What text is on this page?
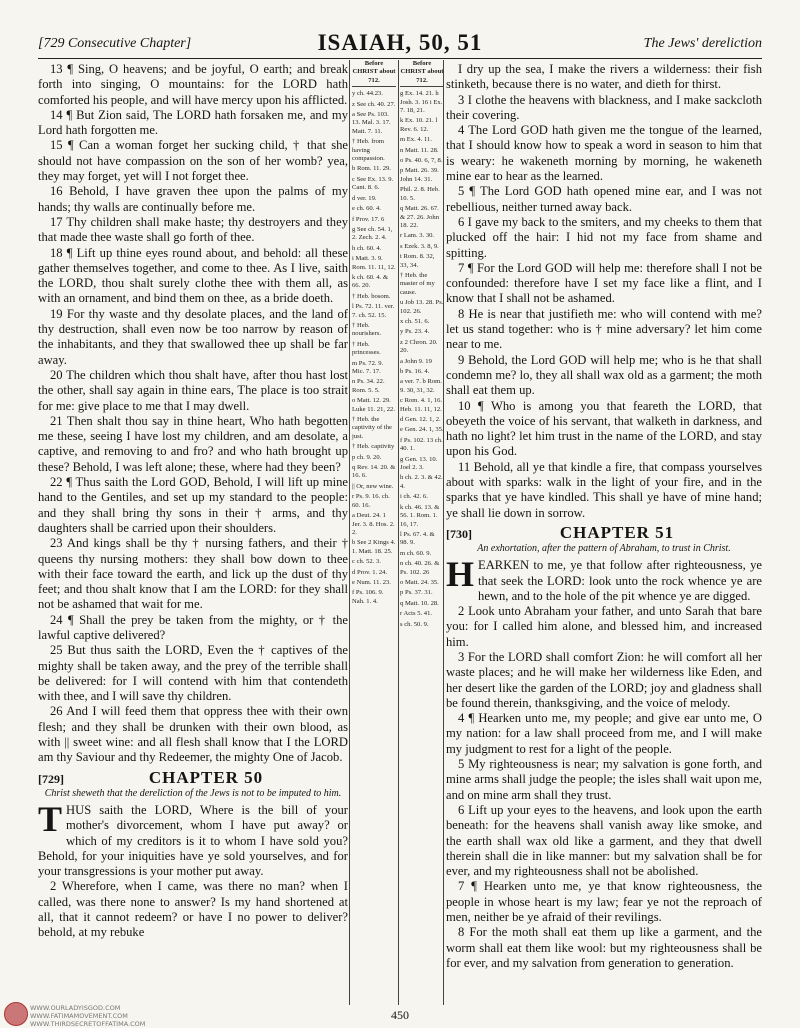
[729 Consecutive Chapter]	ISAIAH, 50, 51	The Jews' dereliction

13 ¶ Sing, O heavens; and be joyful, O earth; and break forth into singing, O mountains: for the LORD hath comforted his people, and will have mercy upon his afflicted.

14 ¶ But Zion said, The LORD hath forsaken me, and my Lord hath forgotten me.

15 ¶ Can a woman forget her sucking child, † that she should not have compassion on the son of her womb? yea, they may forget, yet will I not forget thee.

16 Behold, I have graven thee upon the palms of my hands; thy walls are continually before me.

17 Thy children shall make haste; thy destroyers and they that made thee waste shall go forth of thee.

18 ¶ Lift up thine eyes round about, and behold: all these gather themselves together, and come to thee. As I live, saith the LORD, thou shalt surely clothe thee with them all, as with an ornament, and bind them on thee, as a bride doeth.

19 For thy waste and thy desolate places, and the land of thy destruction, shall even now be too narrow by reason of the inhabitants, and they that swallowed thee up shall be far away.

20 The children which thou shalt have, after thou hast lost the other, shall say again in thine ears, The place is too strait for me: give place to me that I may dwell.

21 Then shalt thou say in thine heart, Who hath begotten me these, seeing I have lost my children, and am desolate, a captive, and removing to and fro? and who hath brought up these? Behold, I was left alone; these, where had they been?

22 ¶ Thus saith the Lord GOD, Behold, I will lift up mine hand to the Gentiles, and set up my standard to the people: and they shall bring thy sons in their † arms, and thy daughters shall be carried upon their shoulders.

23 And kings shall be thy † nursing fathers, and their † queens thy nursing mothers: they shall bow down to thee with their face toward the earth, and lick up the dust of thy feet; and thou shalt know that I am the LORD: for they shall not be ashamed that wait for me.

24 ¶ Shall the prey be taken from the mighty, or † the lawful captive delivered?

25 But thus saith the LORD, Even the † captives of the mighty shall be taken away, and the prey of the terrible shall be delivered: for I will contend with him that contendeth with thee, and I will save thy children.

26 And I will feed them that oppress thee with their own flesh; and they shall be drunken with their own blood, as with || sweet wine: and all flesh shall know that I the LORD am thy Saviour and thy Redeemer, the mighty One of Jacob.

[729]	CHAPTER 50
Christ sheweth that the dereliction of the Jews is not to be imputed to him.

THUS saith the LORD, Where is the bill of your mother's divorcement, whom I have put away? or which of my creditors is it to whom I have sold you? Behold, for your iniquities have ye sold yourselves, and for your transgressions is your mother put away.

2 Wherefore, when I came, was there no man? when I called, was there none to answer? Is my hand shortened at all, that it cannot redeem? or have I no power to deliver? behold, at my rebuke

Before CHRIST about 712.
y ch. 44.23.
z See ch. 40. 27.
a See Ps. 103. 13. Mal. 3. 17. Matt. 7. 11.
† Heb. from having compassion.
b Rom. 11. 29.
c See Ex. 13. 9. Cant. 8. 6.
d ver. 19.
e ch. 60. 4.
f Prov. 17. 6
g See ch. 54. 1, 2. Zech. 2. 4.
h ch. 60. 4.
i Matt. 3. 9. Rom. 11. 11, 12.
k ch. 60. 4. & 66. 20.
† Heb. bosom.
l Ps. 72. 11. ver. 7. ch. 52. 15.
† Heb. nourishers.
† Heb. princesses.
m Ps. 72. 9. Mic. 7. 17.
n Ps. 34. 22. Rom. 5. 5.
o Matt. 12. 29. Luke 11. 21, 22.
† Heb. the captivity of the just.
† Heb. captivity
p ch. 9. 20.
q Rev. 14. 20. & 16. 6.
|| Or, new wine.
r Ps. 9. 16. ch. 60. 16.
a Deut. 24. 1 Jer. 3. 8. Hos. 2. 2.
b See 2 Kings 4. 1. Matt. 18. 25.
c ch. 52. 3.
d Prov. 1. 24.
e Num. 11. 23.
f Ps. 106. 9. Nah. 1. 4.
Before CHRIST about 712.
g Ex. 14. 21. h Josh. 3. 16 i Ex. 7. 18, 21.
k Ex. 10. 21. l Rev. 6. 12.
m Ex. 4. 11.
n Matt. 11. 28.
o Ps. 40. 6, 7, 8.
p Matt. 26. 39. John 14. 31.
Phil. 2. 8. Heb. 10. 5.
q Matt. 26. 67. & 27. 26. John 18. 22.
r Lam. 3. 30.
s Ezek. 3. 8, 9.
t Rom. 8. 32, 33, 34.
† Heb. the master of my cause.
u Job 13. 28. Ps. 102. 26.
x ch. 51. 6.
y Ps. 23. 4.
z 2 Chron. 20. 20.
a John 9. 19
b Ps. 16. 4.
a ver. 7. b Rom. 9. 30, 31, 32.
c Rom. 4. 1, 16. Heb. 11. 11, 12.
d Gen. 12. 1, 2.
e Gen. 24. 1, 35.
f Ps. 102. 13 ch. 40. 1.
g Gen. 13. 10. Joel 2. 3.
h ch. 2. 3. & 42. 4.
i ch. 42. 6.
k ch. 46. 13. & 56. 1. Rom. 1. 16, 17.
l Ps. 67. 4. & 98. 9.
m ch. 60. 9.
n ch. 40. 26. & Ps. 102. 26
o Matt. 24. 35.
p Ps. 37. 31.
q Matt. 10. 28.
r Acts 5. 41.
s ch. 50. 9.

I dry up the sea, I make the rivers a wilderness: their fish stinketh, because there is no water, and dieth for thirst.

3 I clothe the heavens with blackness, and I make sackcloth their covering.

4 The Lord GOD hath given me the tongue of the learned, that I should know how to speak a word in season to him that is weary: he wakeneth morning by morning, he wakeneth mine ear to hear as the learned.

5 ¶ The Lord GOD hath opened mine ear, and I was not rebellious, neither turned away back.

6 I gave my back to the smiters, and my cheeks to them that plucked off the hair: I hid not my face from shame and spitting.

7 ¶ For the Lord GOD will help me: therefore shall I not be confounded: therefore have I set my face like a flint, and I know that I shall not be ashamed.

8 He is near that justifieth me: who will contend with me? let us stand together: who is † mine adversary? let him come near to me.

9 Behold, the Lord GOD will help me; who is he that shall condemn me? lo, they all shall wax old as a garment; the moth shall eat them up.

10 ¶ Who is among you that feareth the LORD, that obeyeth the voice of his servant, that walketh in darkness, and hath no light? let him trust in the name of the LORD, and stay upon his God.

11 Behold, all ye that kindle a fire, that compass yourselves about with sparks: walk in the light of your fire, and in the sparks that ye have kindled. This shall ye have of mine hand; ye shall lie down in sorrow.

[730]	CHAPTER 51
An exhortation, after the pattern of Abraham, to trust in Christ.

HEARKEN to me, ye that follow after righteousness, ye that seek the LORD: look unto the rock whence ye are hewn, and to the hole of the pit whence ye are digged.

2 Look unto Abraham your father, and unto Sarah that bare you: for I called him alone, and blessed him, and increased him.

3 For the LORD shall comfort Zion: he will comfort all her waste places; and he will make her wilderness like Eden, and her desert like the garden of the LORD; joy and gladness shall be found therein, thanksgiving, and the voice of melody.

4 ¶ Hearken unto me, my people; and give ear unto me, O my nation: for a law shall proceed from me, and I will make my judgment to rest for a light of the people.

5 My righteousness is near; my salvation is gone forth, and mine arms shall judge the people; the isles shall wait upon me, and on mine arm shall they trust.

6 Lift up your eyes to the heavens, and look upon the earth beneath: for the heavens shall vanish away like smoke, and the earth shall wax old like a garment, and they that dwell therein shall die in like manner: but my salvation shall be for ever, and my righteousness shall not be abolished.

7 ¶ Hearken unto me, ye that know righteousness, the people in whose heart is my law; fear ye not the reproach of men, neither be ye afraid of their revilings.

8 For the moth shall eat them up like a garment, and the worm shall eat them like wool: but my righteousness shall be for ever, and my salvation from generation to generation.

WWW.OURLADYISGOD.COM
WWW.FATIMAMOVEMENT.COM
WWW.THIRDSECRETOFFATIMA.COM
450
